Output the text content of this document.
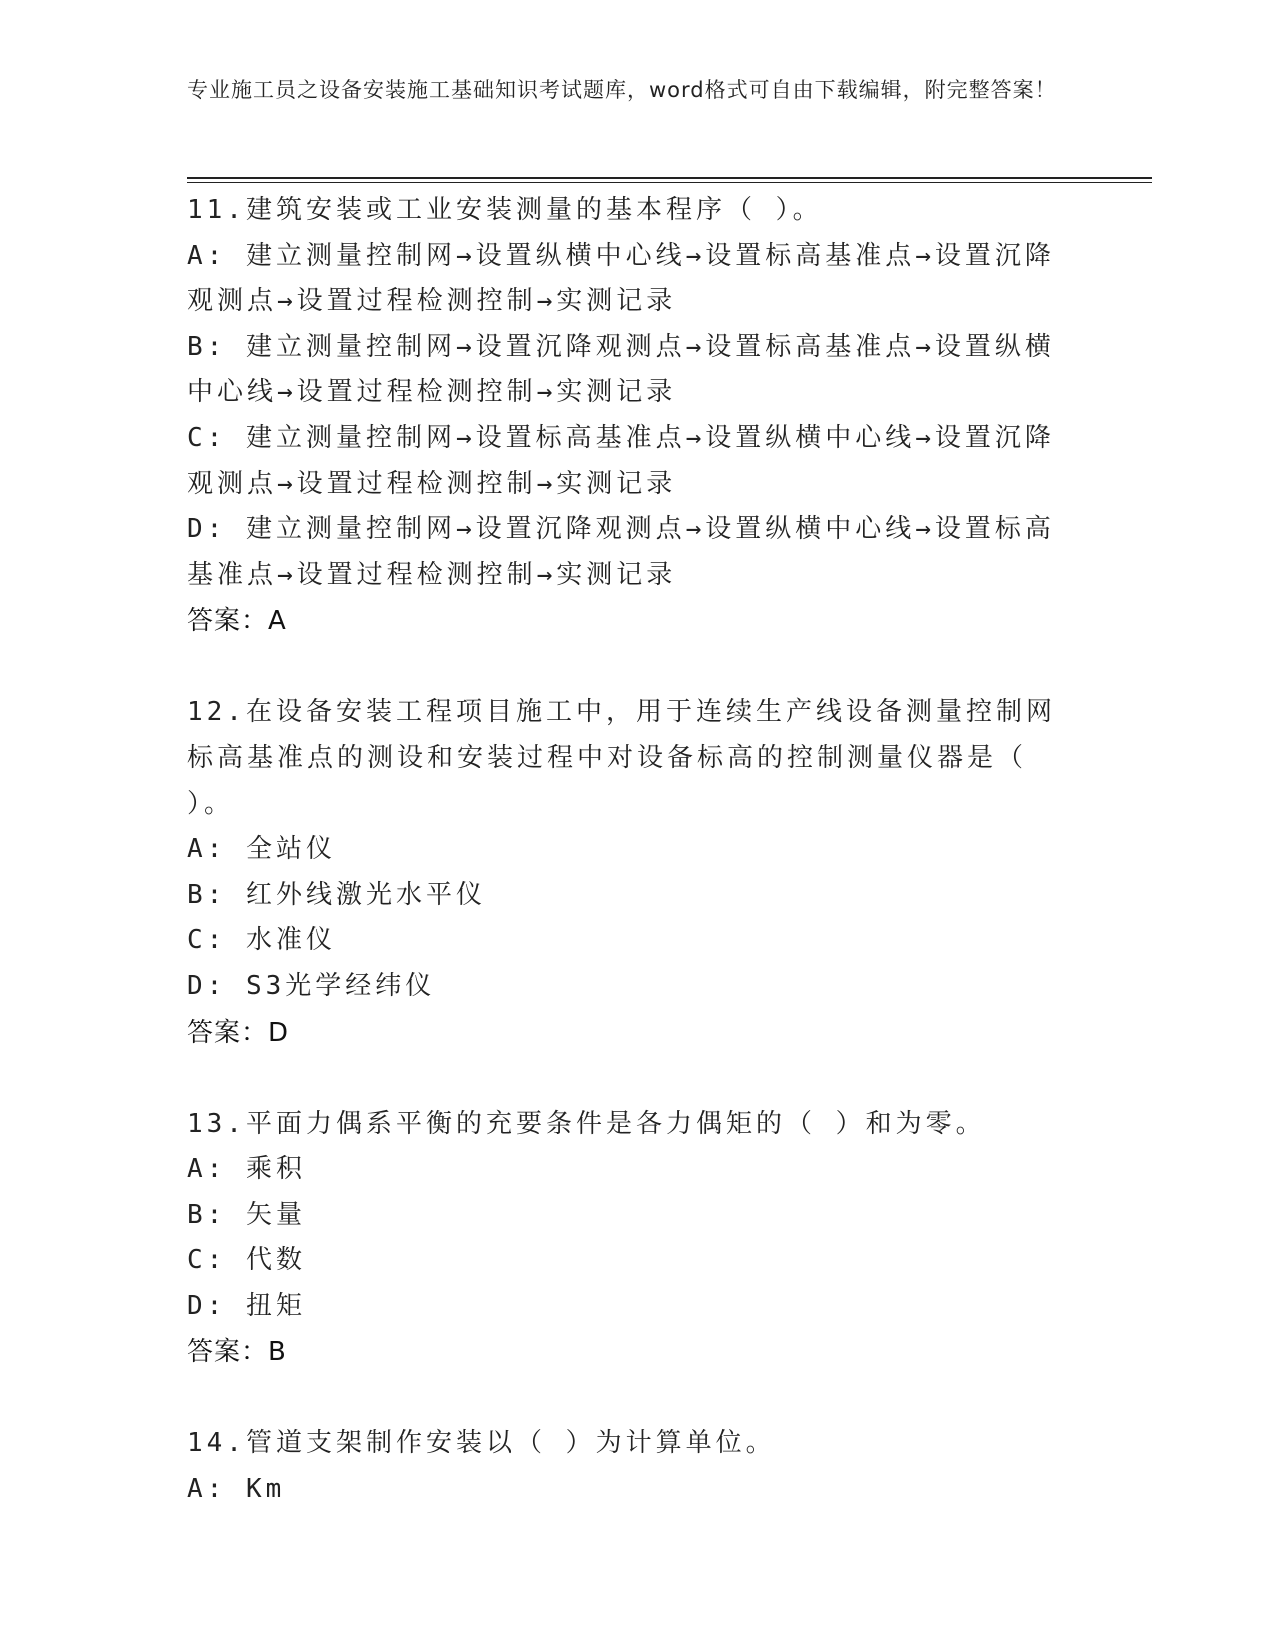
专业施工员之设备安装施工基础知识考试题库，word格式可自由下载编辑，附完整答案！
11.建筑安装或工业安装测量的基本程序（ ）。
A: 建立测量控制网→设置纵横中心线→设置标高基准点→设置沉降观测点→设置过程检测控制→实测记录
B: 建立测量控制网→设置沉降观测点→设置标高基准点→设置纵横中心线→设置过程检测控制→实测记录
C: 建立测量控制网→设置标高基准点→设置纵横中心线→设置沉降观测点→设置过程检测控制→实测记录
D: 建立测量控制网→设置沉降观测点→设置纵横中心线→设置标高基准点→设置过程检测控制→实测记录
答案：A
12.在设备安装工程项目施工中，用于连续生产线设备测量控制网标高基准点的测设和安装过程中对设备标高的控制测量仪器是（ ）。
A: 全站仪
B: 红外线激光水平仪
C: 水准仪
D: S3光学经纬仪
答案：D
13.平面力偶系平衡的充要条件是各力偶矩的（ ）和为零。
A: 乘积
B: 矢量
C: 代数
D: 扭矩
答案：B
14.管道支架制作安装以（ ）为计算单位。
A: Km
